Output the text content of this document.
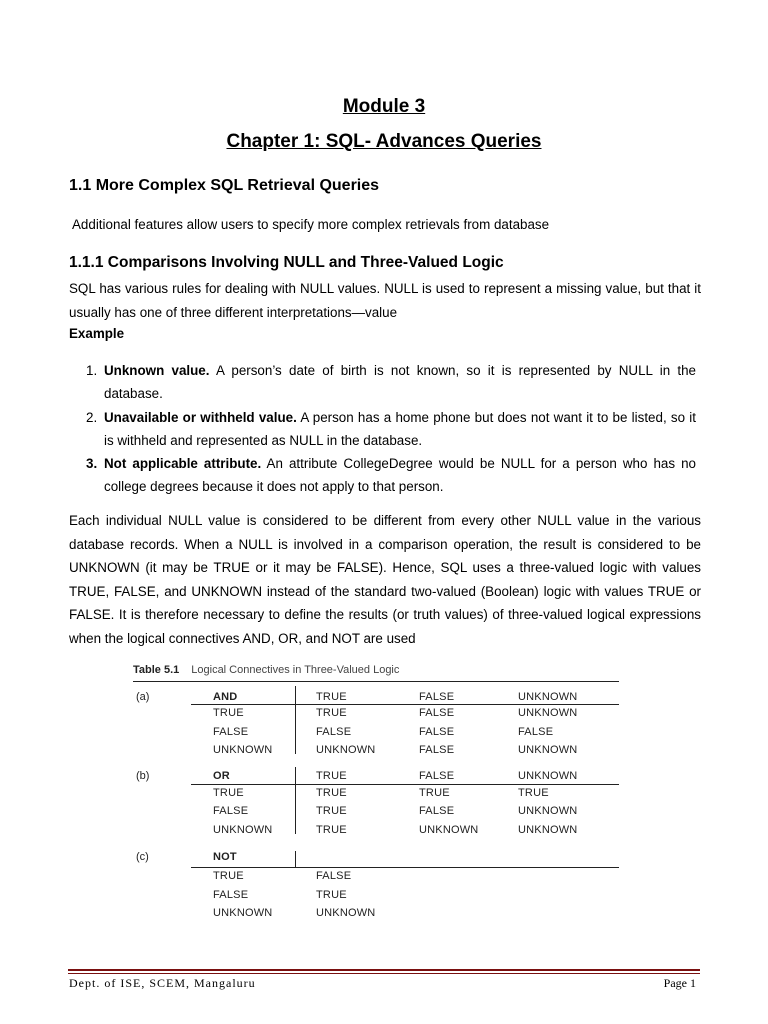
Module 3
Chapter 1: SQL- Advances Queries
1.1 More Complex SQL Retrieval Queries
Additional features allow users to specify more complex retrievals from database
1.1.1 Comparisons Involving NULL and Three-Valued Logic
SQL has various rules for dealing with NULL values. NULL is used to represent a missing value, but that it usually has one of three different interpretations—value
Example
1. Unknown value. A person’s date of birth is not known, so it is represented by NULL in the database.
2. Unavailable or withheld value. A person has a home phone but does not want it to be listed, so it is withheld and represented as NULL in the database.
3. Not applicable attribute. An attribute CollegeDegree would be NULL for a person who has no college degrees because it does not apply to that person.
Each individual NULL value is considered to be different from every other NULL value in the various database records. When a NULL is involved in a comparison operation, the result is considered to be UNKNOWN (it may be TRUE or it may be FALSE). Hence, SQL uses a three-valued logic with values TRUE, FALSE, and UNKNOWN instead of the standard two-valued (Boolean) logic with values TRUE or FALSE. It is therefore necessary to define the results (or truth values) of three-valued logical expressions when the logical connectives AND, OR, and NOT are used
Table 5.1 Logical Connectives in Three-Valued Logic
(a)	AND	TRUE	FALSE	UNKNOWN
TRUE	TRUE	FALSE	UNKNOWN
FALSE	FALSE	FALSE	FALSE
UNKNOWN	UNKNOWN	FALSE	UNKNOWN
(b)	OR	TRUE	FALSE	UNKNOWN
TRUE	TRUE	TRUE	TRUE
FALSE	TRUE	FALSE	UNKNOWN
UNKNOWN	TRUE	UNKNOWN	UNKNOWN
(c)	NOT
TRUE	FALSE
FALSE	TRUE
UNKNOWN	UNKNOWN
Dept. of ISE, SCEM, Mangaluru	Page 1
